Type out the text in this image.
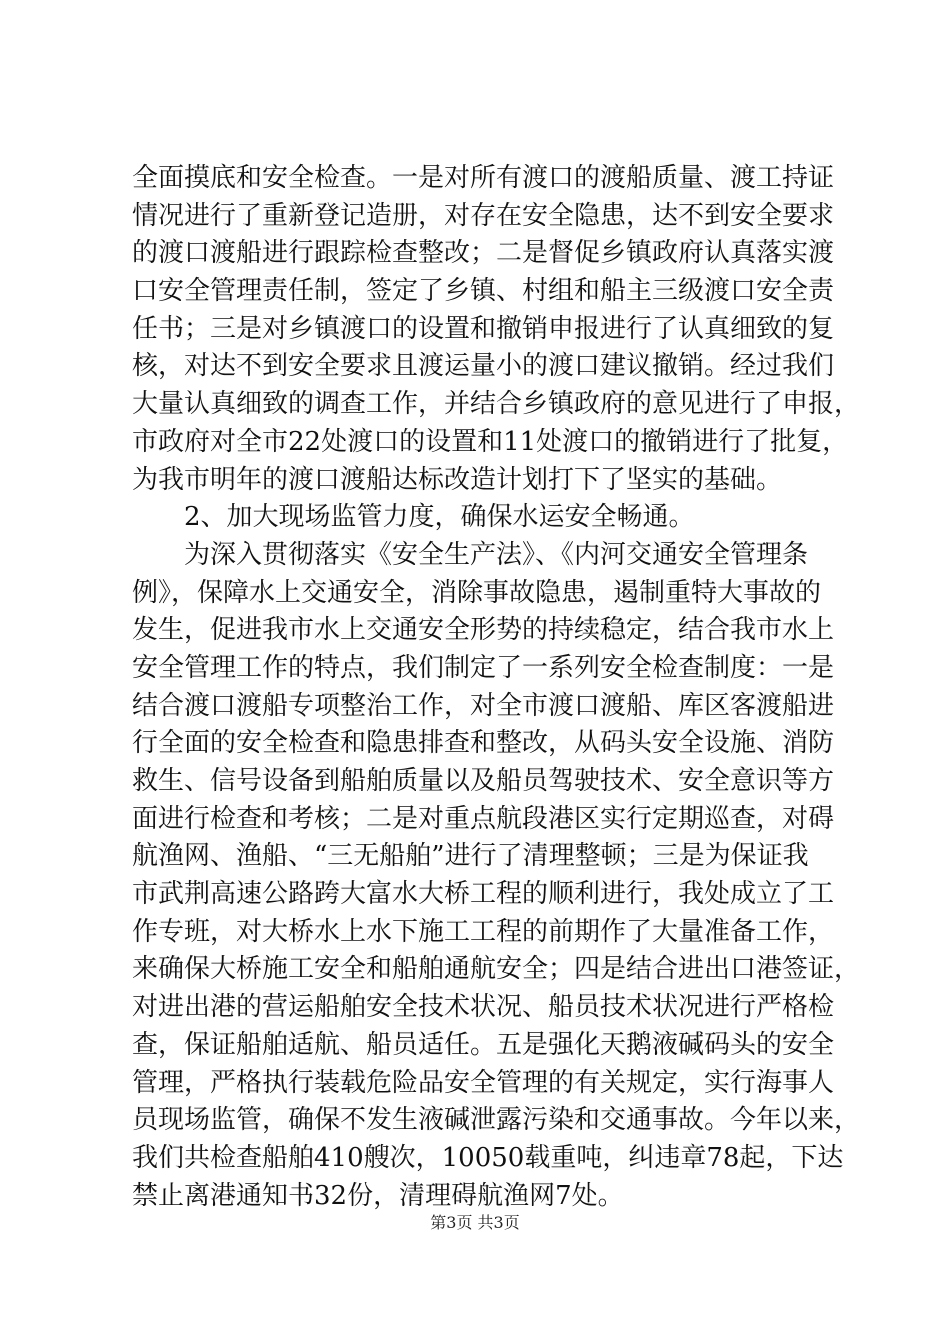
全面摸底和安全检查。一是对所有渡口的渡船质量、渡工持证
情况进行了重新登记造册，对存在安全隐患，达不到安全要求
的渡口渡船进行跟踪检查整改；二是督促乡镇政府认真落实渡
口安全管理责任制，签定了乡镇、村组和船主三级渡口安全责
任书；三是对乡镇渡口的设置和撤销申报进行了认真细致的复
核，对达不到安全要求且渡运量小的渡口建议撤销。经过我们
大量认真细致的调查工作，并结合乡镇政府的意见进行了申报，
市政府对全市22处渡口的设置和11处渡口的撤销进行了批复，
为我市明年的渡口渡船达标改造计划打下了坚实的基础。
　　2、加大现场监管力度，确保水运安全畅通。
　　为深入贯彻落实《安全生产法》、《内河交通安全管理条
例》，保障水上交通安全，消除事故隐患，遏制重特大事故的
发生，促进我市水上交通安全形势的持续稳定，结合我市水上
安全管理工作的特点，我们制定了一系列安全检查制度：一是
结合渡口渡船专项整治工作，对全市渡口渡船、库区客渡船进
行全面的安全检查和隐患排查和整改，从码头安全设施、消防
救生、信号设备到船舶质量以及船员驾驶技术、安全意识等方
面进行检查和考核；二是对重点航段港区实行定期巡查，对碍
航渔网、渔船、“三无船舶”进行了清理整顿；三是为保证我
市武荆高速公路跨大富水大桥工程的顺利进行，我处成立了工
作专班，对大桥水上水下施工工程的前期作了大量准备工作，
来确保大桥施工安全和船舶通航安全；四是结合进出口港签证，
对进出港的营运船舶安全技术状况、船员技术状况进行严格检
查，保证船舶适航、船员适任。五是强化天鹅液碱码头的安全
管理，严格执行装载危险品安全管理的有关规定，实行海事人
员现场监管，确保不发生液碱泄露污染和交通事故。今年以来，
我们共检查船舶410艘次，10050载重吨，纠违章78起，下达
禁止离港通知书32份，清理碍航渔网7处。
第3页 共3页
